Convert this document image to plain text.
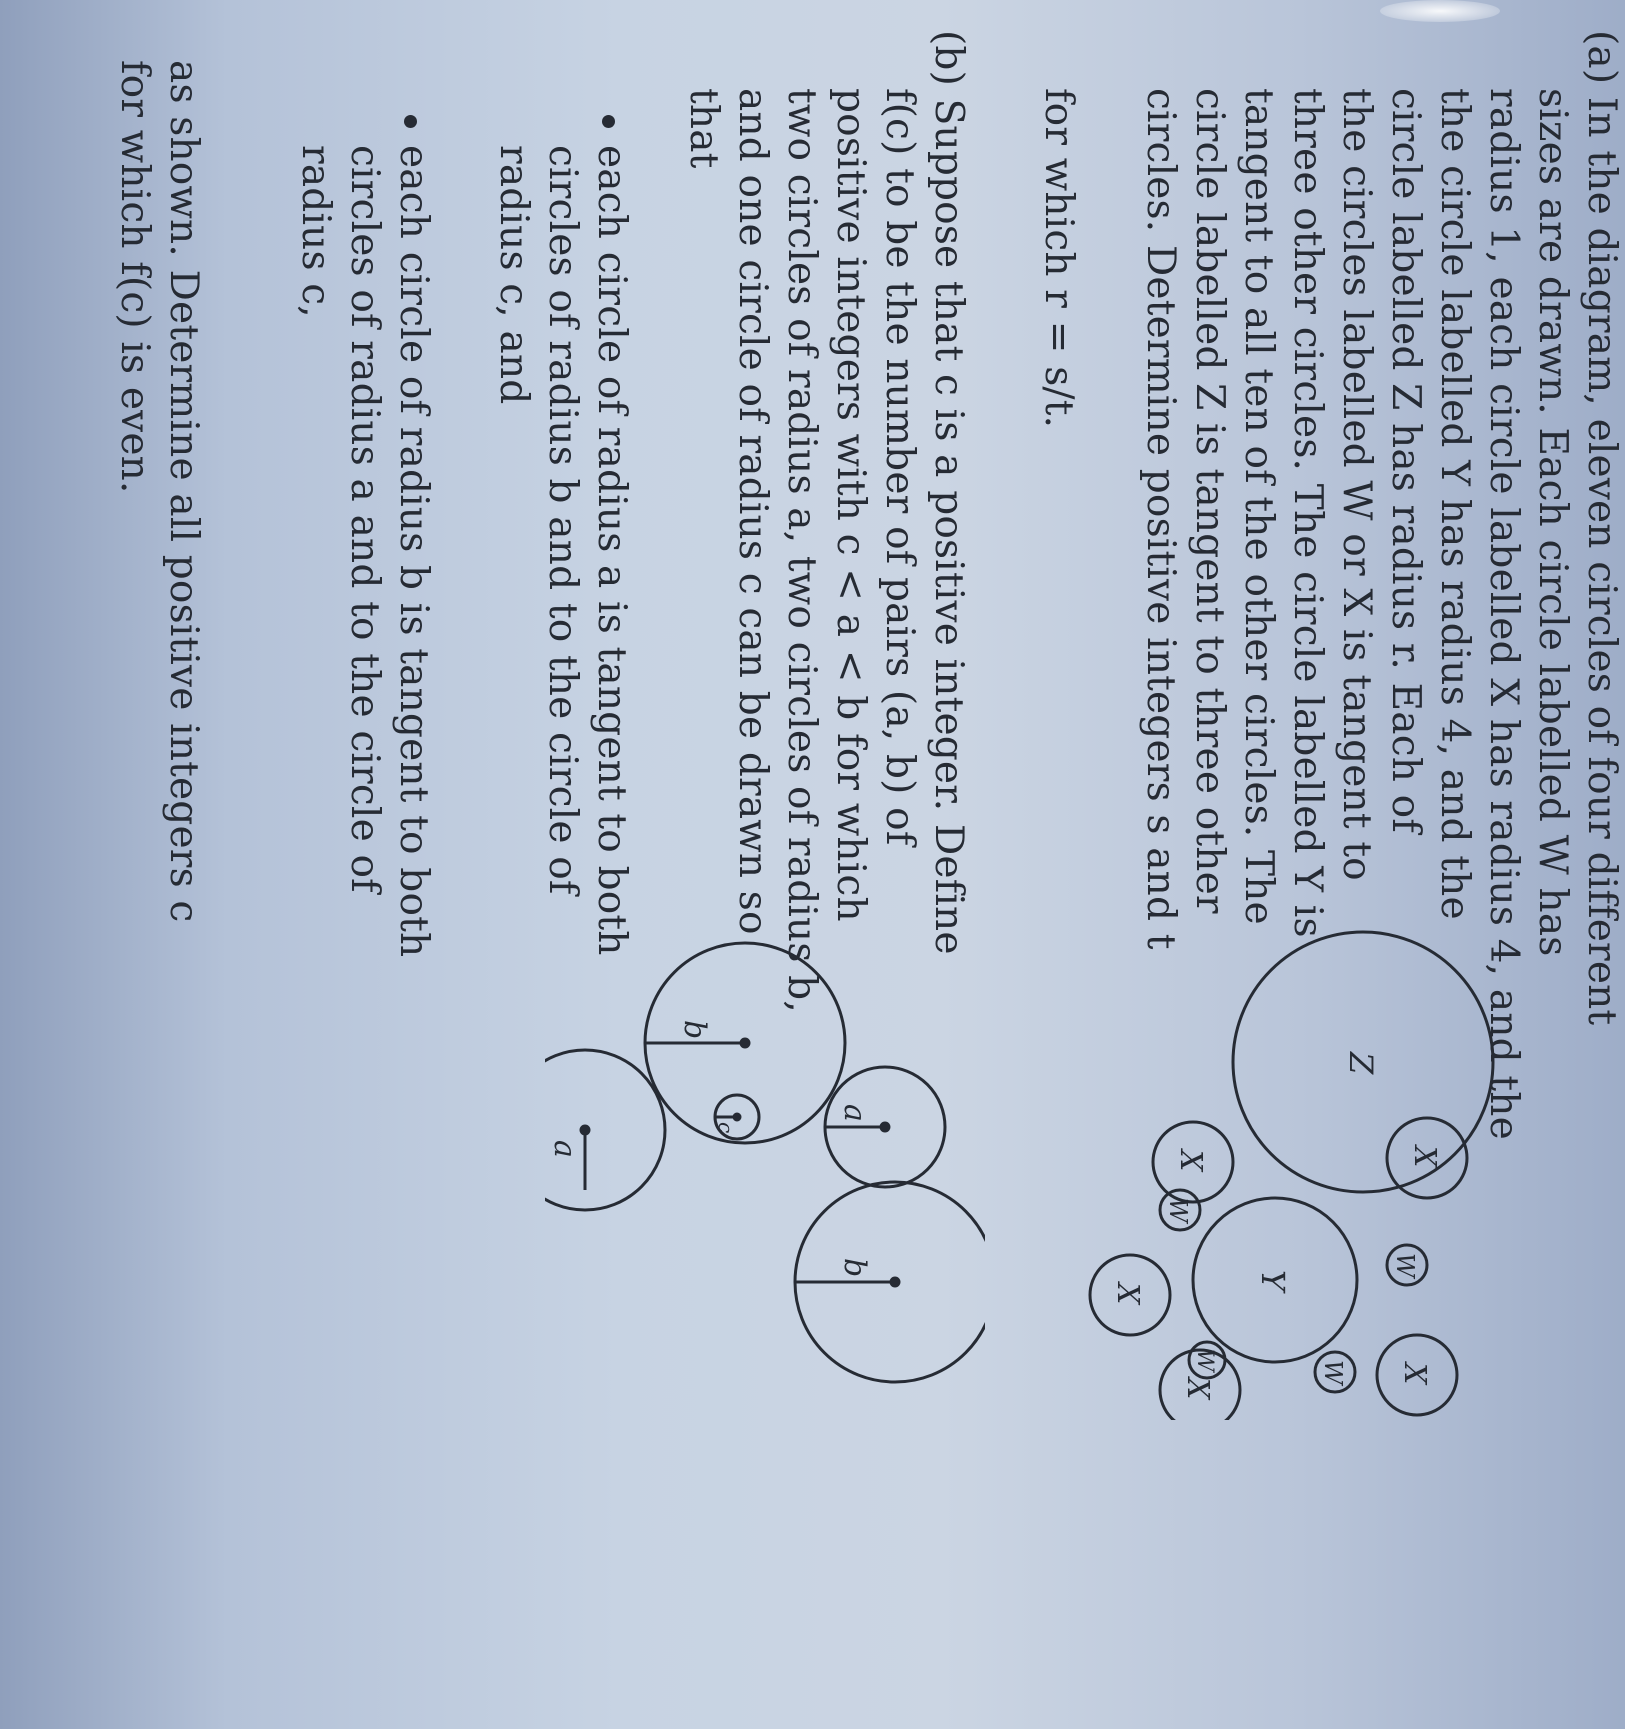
(a) In the diagram, eleven circles of four different
sizes are drawn. Each circle labelled W has
radius 1, each circle labelled X has radius 4, and the
the circle labelled Y has radius 4, and the
circle labelled Z has radius r. Each of
the circles labelled W or X is tangent to
three other circles. The circle labelled Y is
tangent to all ten of the other circles. The
circle labelled Z is tangent to three other
circles. Determine positive integers s and t
for which r = s/t.
Z
Y
X
X
X
X
X
W
W
W
W
(b) Suppose that c is a positive integer. Define
f(c) to be the number of pairs (a, b) of
positive integers with c < a < b for which
two circles of radius a, two circles of radius b,
and one circle of radius c can be drawn so
that
each circle of radius a is tangent to both
circles of radius b and to the circle of
radius c, and
each circle of radius b is tangent to both
circles of radius a and to the circle of
radius c,
as shown. Determine all positive integers c
for which f(c) is even.
b
a
c
a
b
